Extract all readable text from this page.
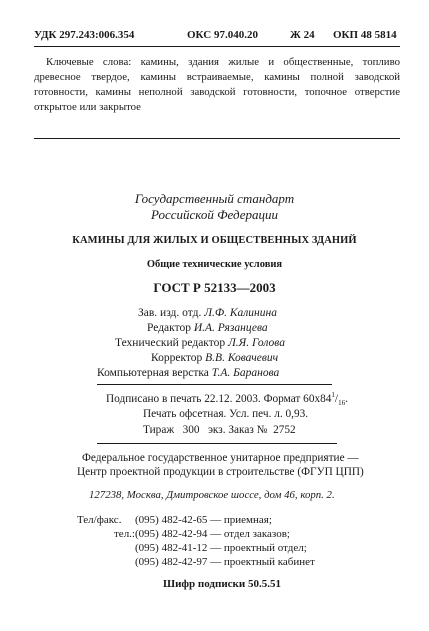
УДК 297.243:006.354	ОКС 97.040.20	Ж 24 ОКП 48 5814

Ключевые слова: камины, здания жилые и общественные, топливо древесное твердое, камины встраиваемые, камины полной заводской готовности, камины неполной заводской готовности, топочное отверстие открытое или закрытое

Государственный стандарт
Российской Федерации
КАМИНЫ ДЛЯ ЖИЛЫХ И ОБЩЕСТВЕННЫХ ЗДАНИЙ
Общие технические условия
ГОСТ Р 52133—2003
Зав. изд. отд. Л.Ф. Калинина
Редактор И.А. Рязанцева
Технический редактор Л.Я. Голова
Корректор В.В. Ковачевич
Компьютерная верстка Т.А. Баранова
Подписано в печать 22.12. 2003. Формат $60х84^1/_{16}$.
Печать офсетная. Усл. печ. л. 0,93.
Тираж 300 экз. Заказ № 2752
Федеральное государственное унитарное предприятие —
Центр проектной продукции в строительстве (ФГУП ЦПП)
127238, Москва, Дмитровское шоссе, дом 46, корп. 2.
Тел/факс. (095) 482-42-65 — приемная;
тел.:(095) 482-42-94 — отдел заказов;
(095) 482-41-12 — проектный отдел;
(095) 482-42-97 — проектный кабинет
Шифр подписки 50.5.51
